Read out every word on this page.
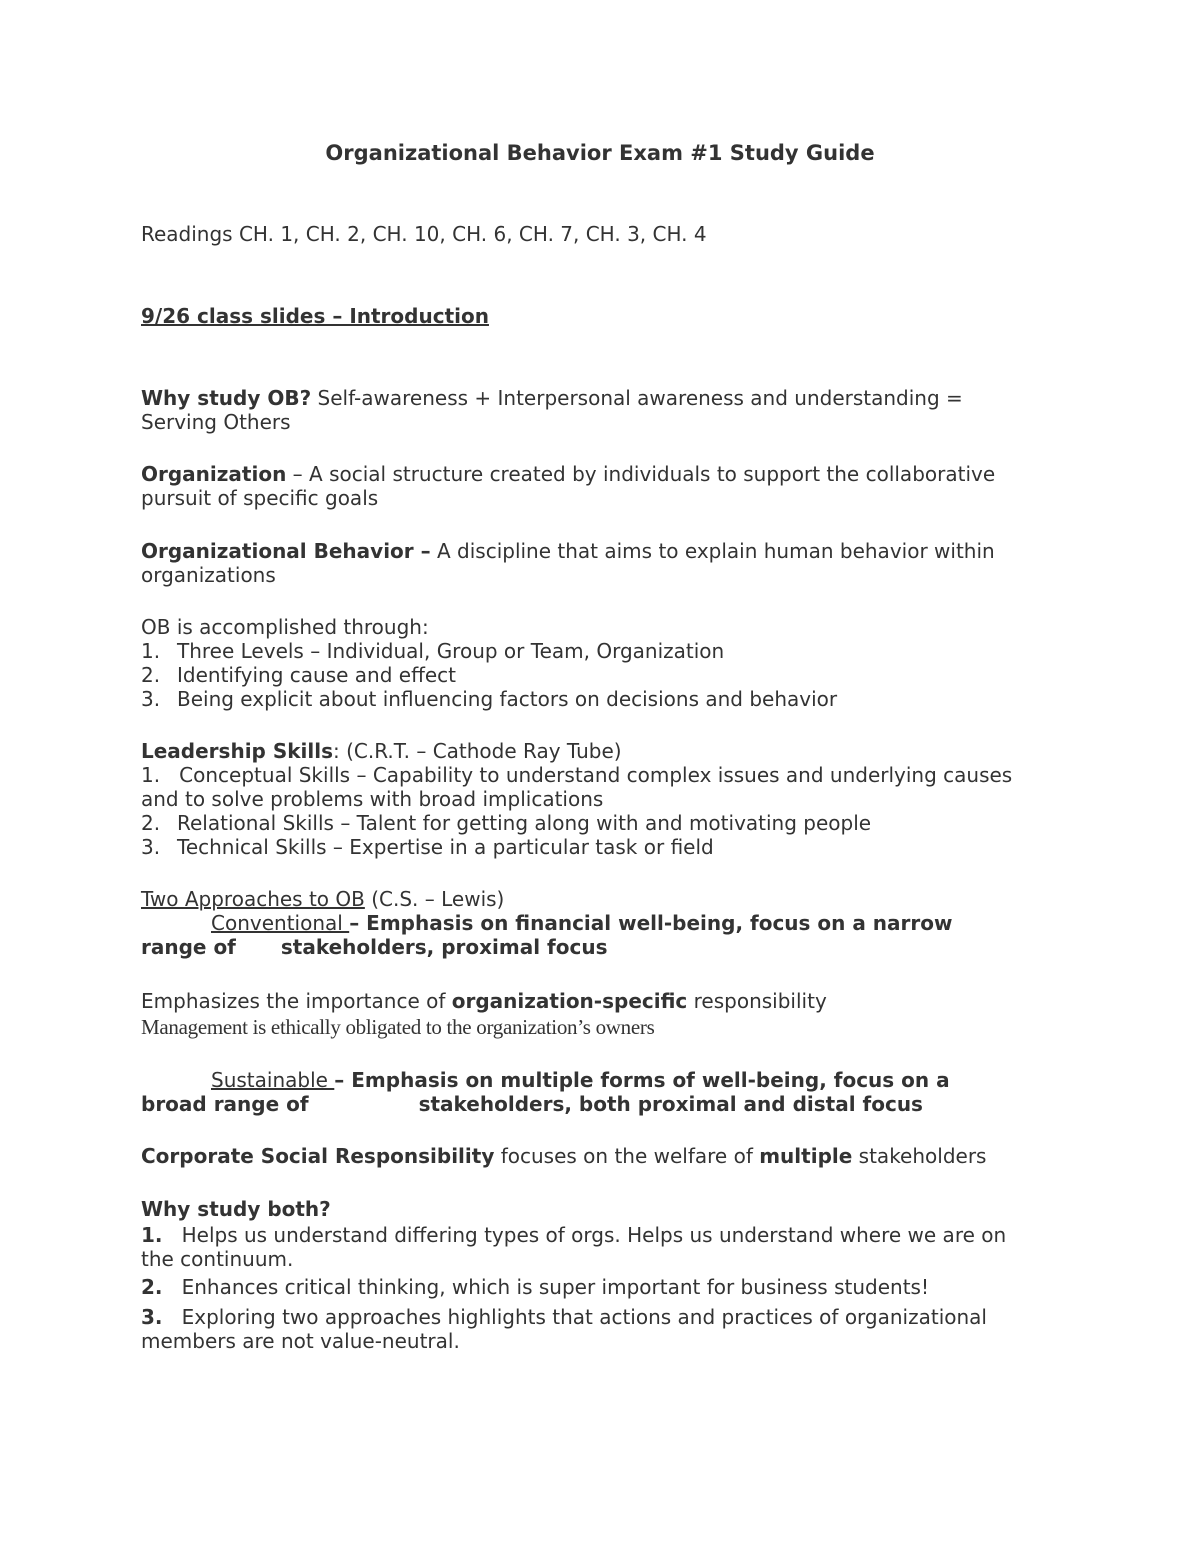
Organizational Behavior Exam #1 Study Guide
Readings CH. 1, CH. 2, CH. 10, CH. 6, CH. 7, CH. 3, CH. 4
9/26 class slides – Introduction
Why study OB? Self-awareness + Interpersonal awareness and understanding =
Serving Others
Organization – A social structure created by individuals to support the collaborative
pursuit of specific goals
Organizational Behavior – A discipline that aims to explain human behavior within
organizations
OB is accomplished through:
1. Three Levels – Individual, Group or Team, Organization
2. Identifying cause and effect
3. Being explicit about influencing factors on decisions and behavior
Leadership Skills: (C.R.T. – Cathode Ray Tube)
1. Conceptual Skills – Capability to understand complex issues and underlying causes
and to solve problems with broad implications
2. Relational Skills – Talent for getting along with and motivating people
3. Technical Skills – Expertise in a particular task or field
Two Approaches to OB (C.S. – Lewis)
Conventional – Emphasis on financial well-being, focus on a narrow
range of stakeholders, proximal focus
Emphasizes the importance of organization-specific responsibility
Management is ethically obligated to the organization’s owners
Sustainable – Emphasis on multiple forms of well-being, focus on a
broad range of	stakeholders, both proximal and distal focus
Corporate Social Responsibility focuses on the welfare of multiple stakeholders
Why study both?
1. Helps us understand differing types of orgs. Helps us understand where we are on
the continuum.
2. Enhances critical thinking, which is super important for business students!
3. Exploring two approaches highlights that actions and practices of organizational
members are not value-neutral.
